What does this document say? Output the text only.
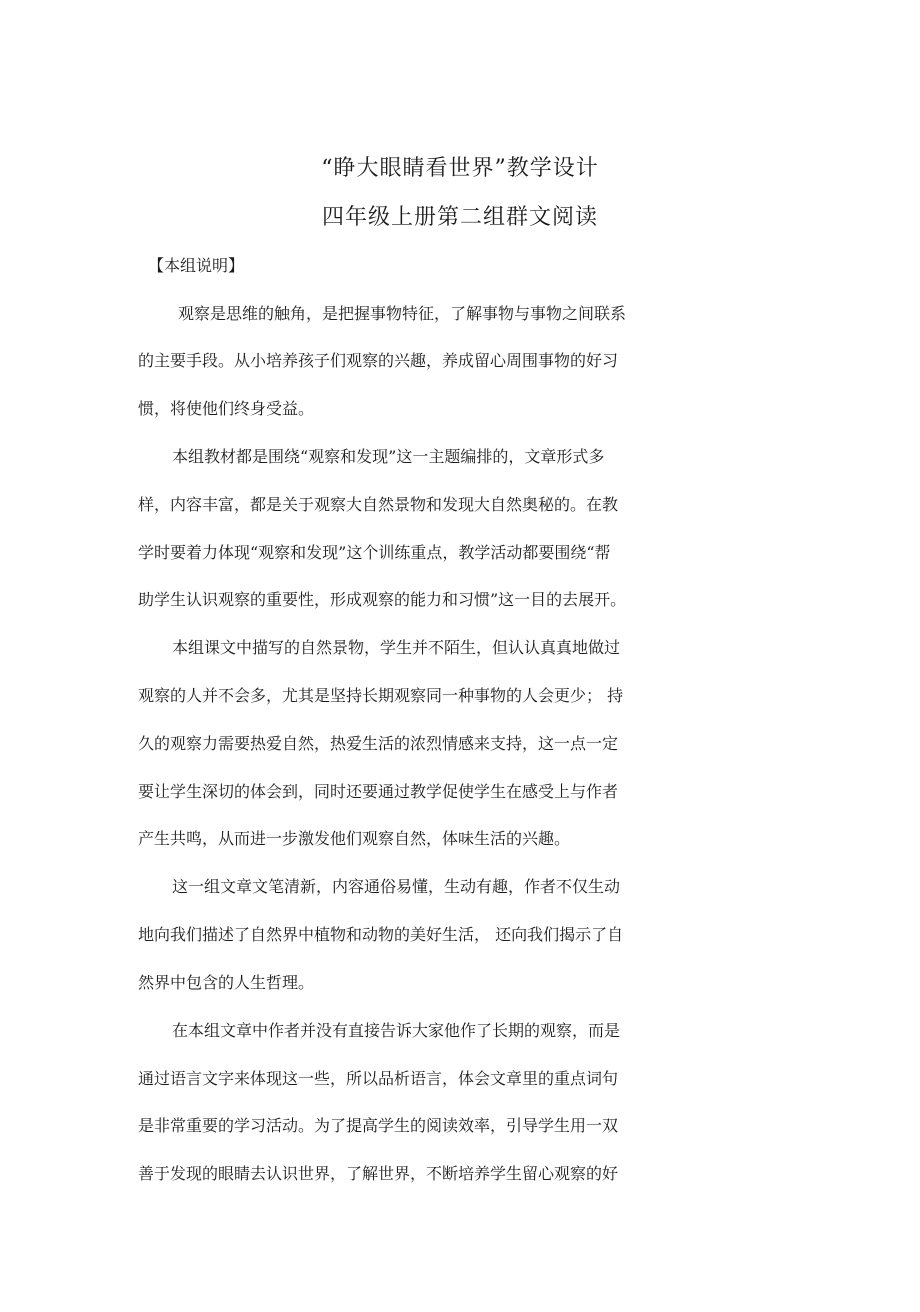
“睁大眼睛看世界”教学设计
四年级上册第二组群文阅读
【本组说明】
观察是思维的触角，是把握事物特征，了解事物与事物之间联系
的主要手段。从小培养孩子们观察的兴趣，养成留心周围事物的好习
惯，将使他们终身受益。
本组教材都是围绕“观察和发现”这一主题编排的，文章形式多
样，内容丰富，都是关于观察大自然景物和发现大自然奥秘的。在教
学时要着力体现“观察和发现”这个训练重点，教学活动都要围绕“帮
助学生认识观察的重要性，形成观察的能力和习惯”这一目的去展开。
本组课文中描写的自然景物，学生并不陌生，但认认真真地做过
观察的人并不会多，尤其是坚持长期观察同一种事物的人会更少； 持
久的观察力需要热爱自然，热爱生活的浓烈情感来支持，这一点一定
要让学生深切的体会到，同时还要通过教学促使学生在感受上与作者
产生共鸣，从而进一步激发他们观察自然，体味生活的兴趣。
这一组文章文笔清新，内容通俗易懂，生动有趣，作者不仅生动
地向我们描述了自然界中植物和动物的美好生活， 还向我们揭示了自
然界中包含的人生哲理。
在本组文章中作者并没有直接告诉大家他作了长期的观察，而是
通过语言文字来体现这一些，所以品析语言，体会文章里的重点词句
是非常重要的学习活动。为了提高学生的阅读效率，引导学生用一双
善于发现的眼睛去认识世界，了解世界，不断培养学生留心观察的好
